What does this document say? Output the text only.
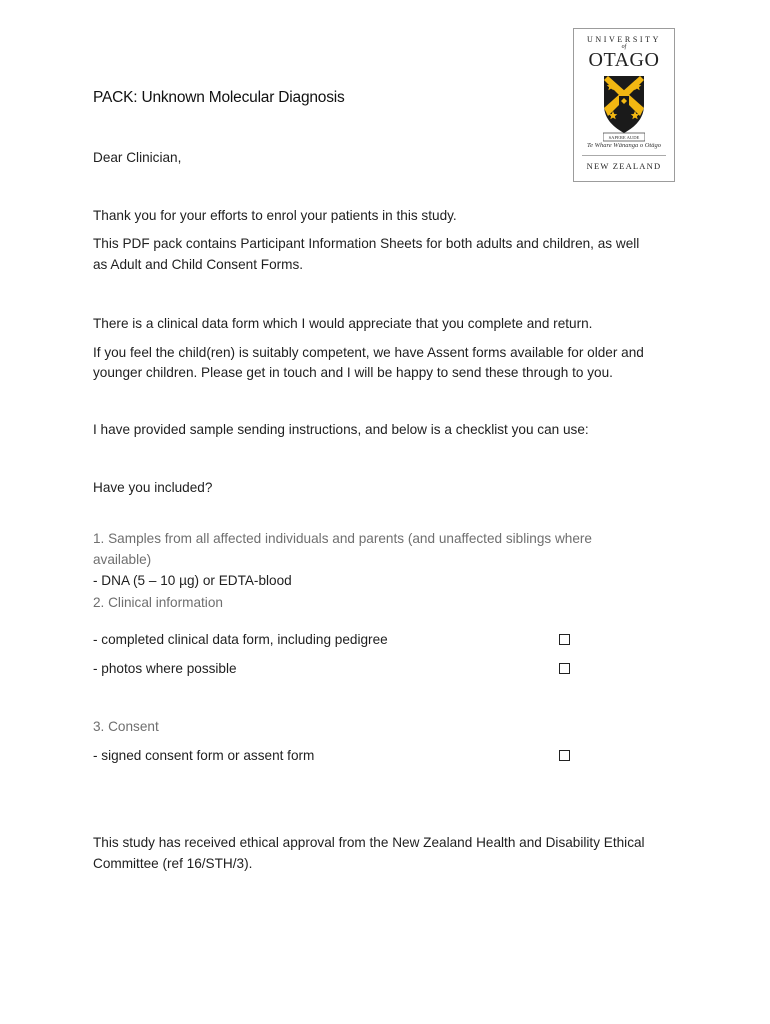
UNIVERSITY
of
OTAGO
SAPERE AUDE
Te Whare Wānanga o Otāgo
NEW ZEALAND
PACK: Unknown Molecular Diagnosis
Dear Clinician,
Thank you for your efforts to enrol your patients in this study.
This PDF pack contains Participant Information Sheets for both adults and children, as well
as Adult and Child Consent Forms.
There is a clinical data form which I would appreciate that you complete and return.
If you feel the child(ren) is suitably competent, we have Assent forms available for older and
younger children. Please get in touch and I will be happy to send these through to you.
I have provided sample sending instructions, and below is a checklist you can use:
Have you included?
1. Samples from all affected individuals and parents (and unaffected siblings where
available)
- DNA (5 – 10 µg) or EDTA-blood
2. Clinical information
- completed clinical data form, including pedigree
- photos where possible
3. Consent
- signed consent form or assent form
This study has received ethical approval from the New Zealand Health and Disability Ethical
Committee (ref 16/STH/3).
